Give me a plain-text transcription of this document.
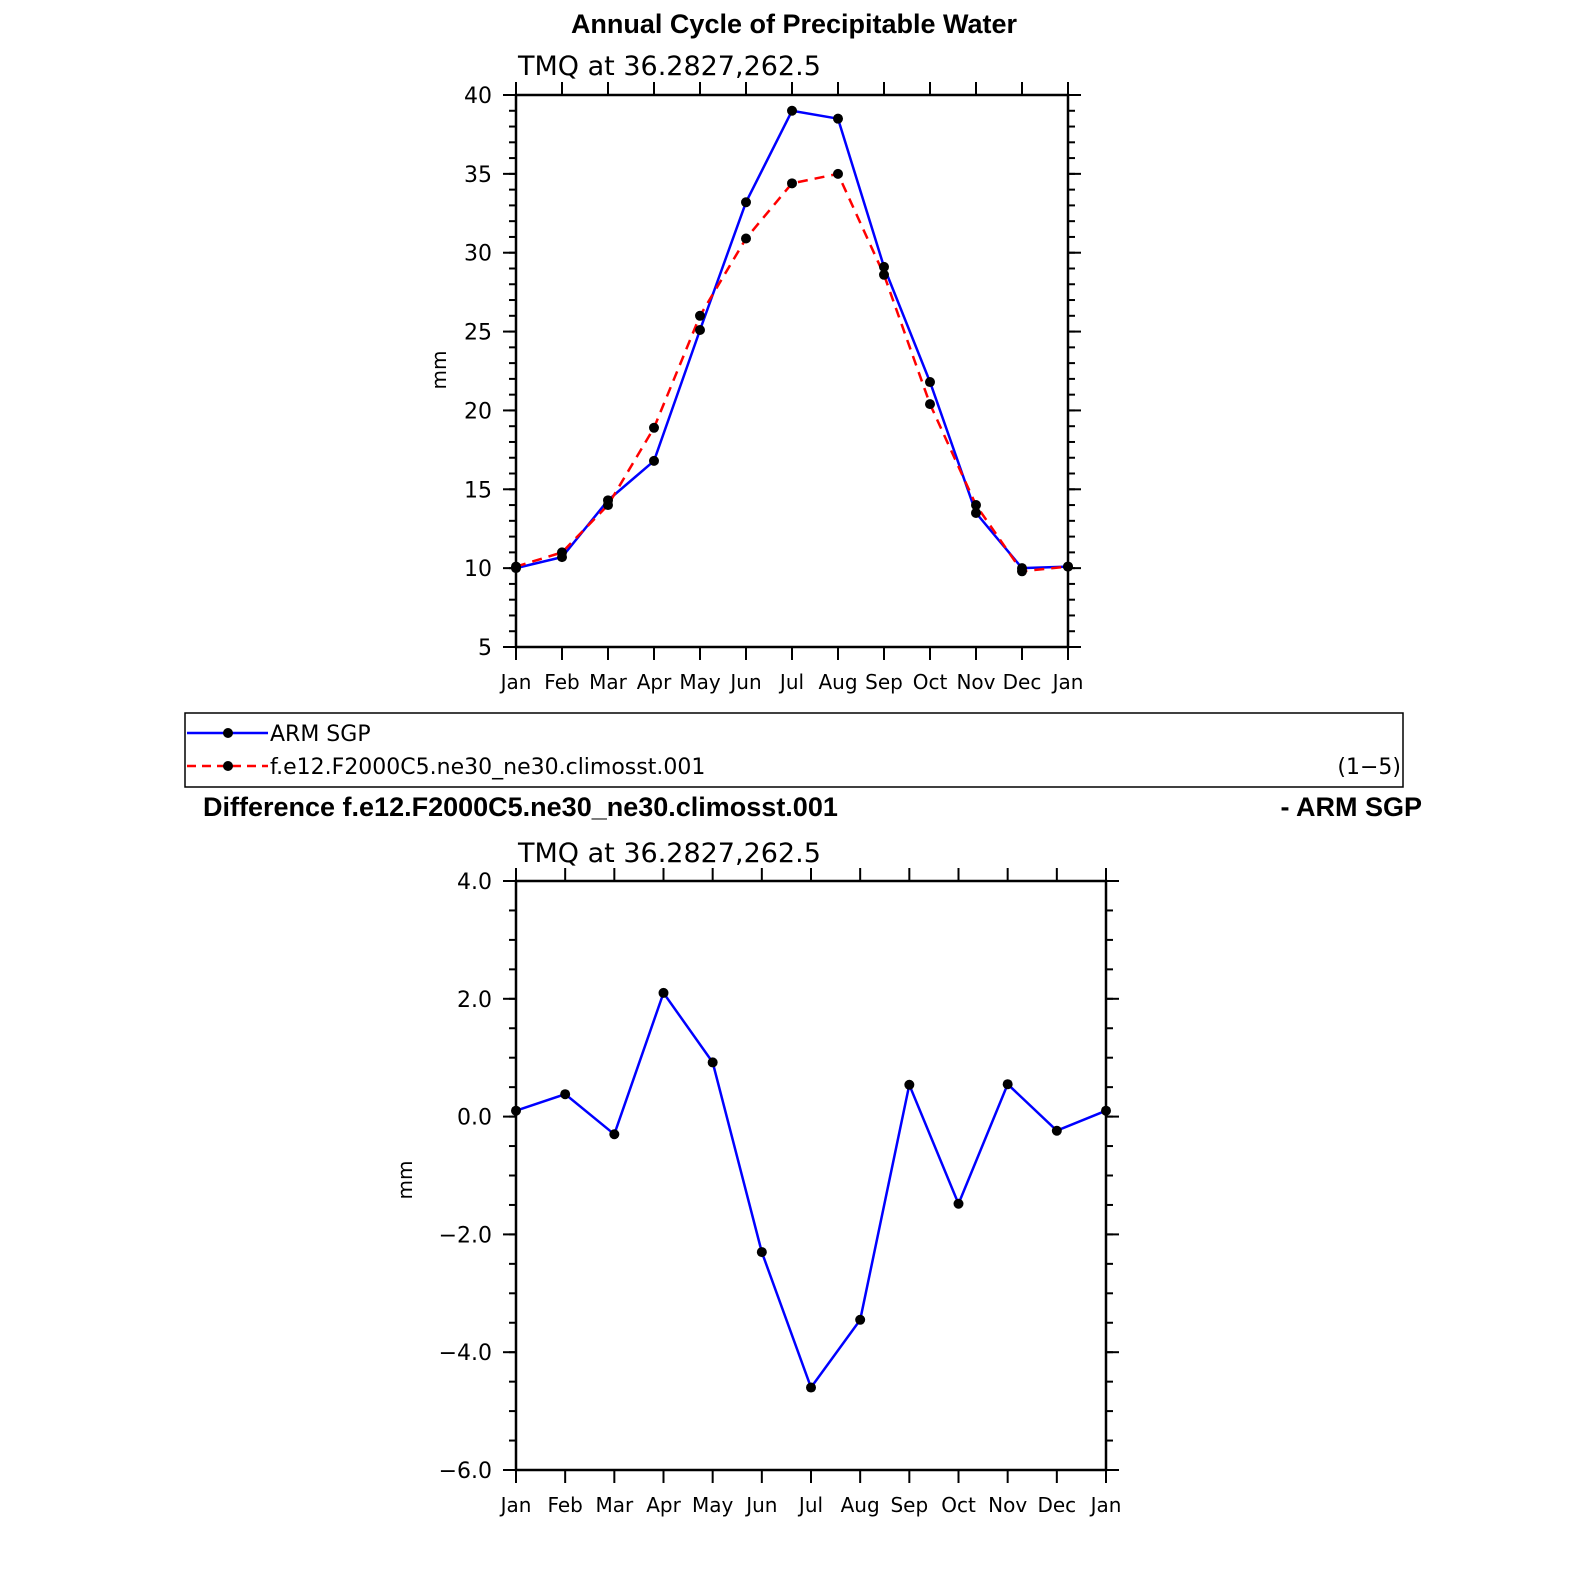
Annual Cycle of Precipitable Water
TMQ at 36.2827,262.5
mm
Jan Feb Mar Apr May Jun Jul Aug Sep Oct Nov Dec Jan
5
10
15
20
25
30
35
40
ARM SGP
f.e12.F2000C5.ne30_ne30.climosst.001	(1−5)
Difference f.e12.F2000C5.ne30_ne30.climosst.001	- ARM SGP
TMQ at 36.2827,262.5
mm
Jan Feb Mar Apr May Jun Jul Aug Sep Oct Nov Dec Jan
−6.0
−4.0
−2.0
0.0
2.0
4.0
